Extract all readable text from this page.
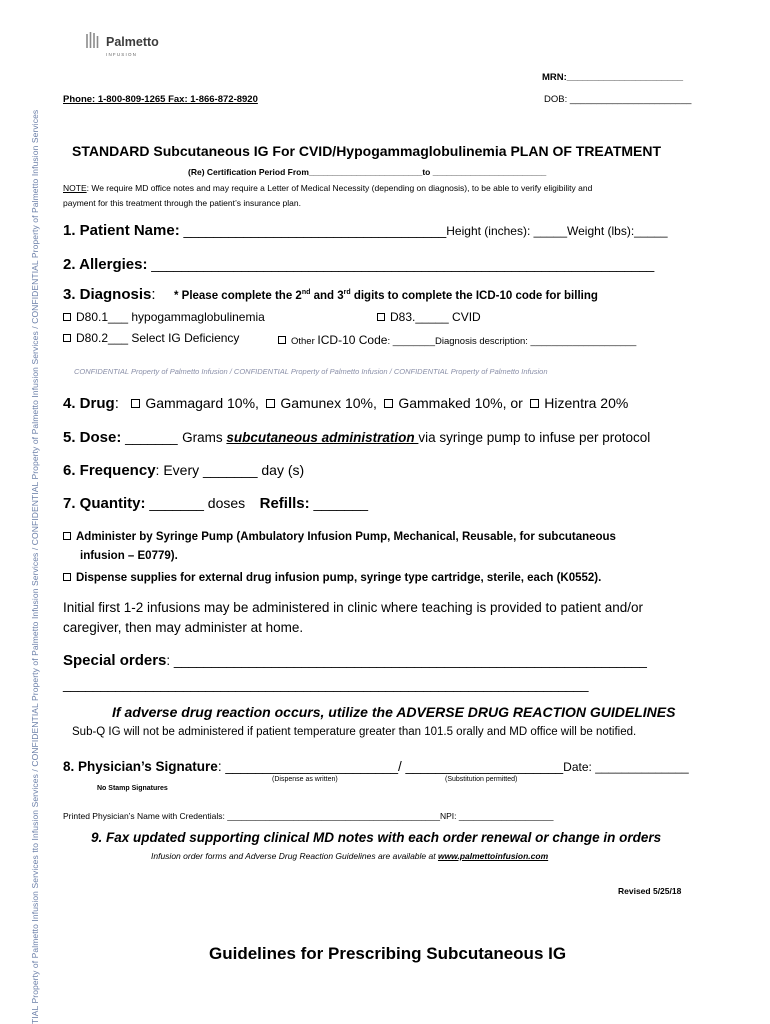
TIAL Property of Palmetto Infusion Services tto Infusion Services / CONFIDENTIAL Property of Palmetto Infusion Services / CONFIDENTIAL Property of Palmetto Infusion Services / CONFIDENTIAL Property of Palmetto Infusion Services
Palmetto
INFUSION
MRN:______________________
Phone: 1-800-809-1265 Fax: 1-866-872-8920	DOB: _______________________
STANDARD Subcutaneous IG For CVID/Hypogammaglobulinemia PLAN OF TREATMENT
(Re) Certification Period From________________________to ________________________
NOTE: We require MD office notes and may require a Letter of Medical Necessity (depending on diagnosis), to be able to verify eligibility and
payment for this treatment through the patient’s insurance plan.
1. Patient Name: ___________________________________Height (inches): _____Weight (lbs):_____
2. Allergies: ___________________________________________________________________
3. Diagnosis: * Please complete the 2nd and 3rd digits to complete the ICD-10 code for billing
D80.1___ hypogammaglobulinemia	D83._____ CVID
D80.2___ Select IG Deficiency	Other ICD-10 Code: ________Diagnosis description: ____________________
CONFIDENTIAL Property of Palmetto Infusion / CONFIDENTIAL Property of Palmetto Infusion / CONFIDENTIAL Property of Palmetto Infusion
4. Drug: Gammagard 10%, Gamunex 10%, Gammaked 10%, or Hizentra 20%
5. Dose: _______ Grams subcutaneous administration via syringe pump to infuse per protocol
6. Frequency: Every _______ day (s)
7. Quantity: _______ doses Refills: _______
Administer by Syringe Pump (Ambulatory Infusion Pump, Mechanical, Reusable, for subcutaneous
infusion – E0779).
Dispense supplies for external drug infusion pump, syringe type cartridge, sterile, each (K0552).
Initial first 1-2 infusions may be administered in clinic where teaching is provided to patient and/or
caregiver, then may administer at home.
Special orders: _______________________________________________________________
______________________________________________________________________
If adverse drug reaction occurs, utilize the ADVERSE DRUG REACTION GUIDELINES
Sub-Q IG will not be administered if patient temperature greater than 101.5 orally and MD office will be notified.
8. Physician’s Signature: _______________________/ _____________________Date: ______________
(Dispense as written)	(Substitution permitted)
No Stamp Signatures
Printed Physician’s Name with Credentials: _____________________________________________NPI: ____________________
9. Fax updated supporting clinical MD notes with each order renewal or change in orders
Infusion order forms and Adverse Drug Reaction Guidelines are available at www.palmettoinfusion.com
Revised 5/25/18
Guidelines for Prescribing Subcutaneous IG
